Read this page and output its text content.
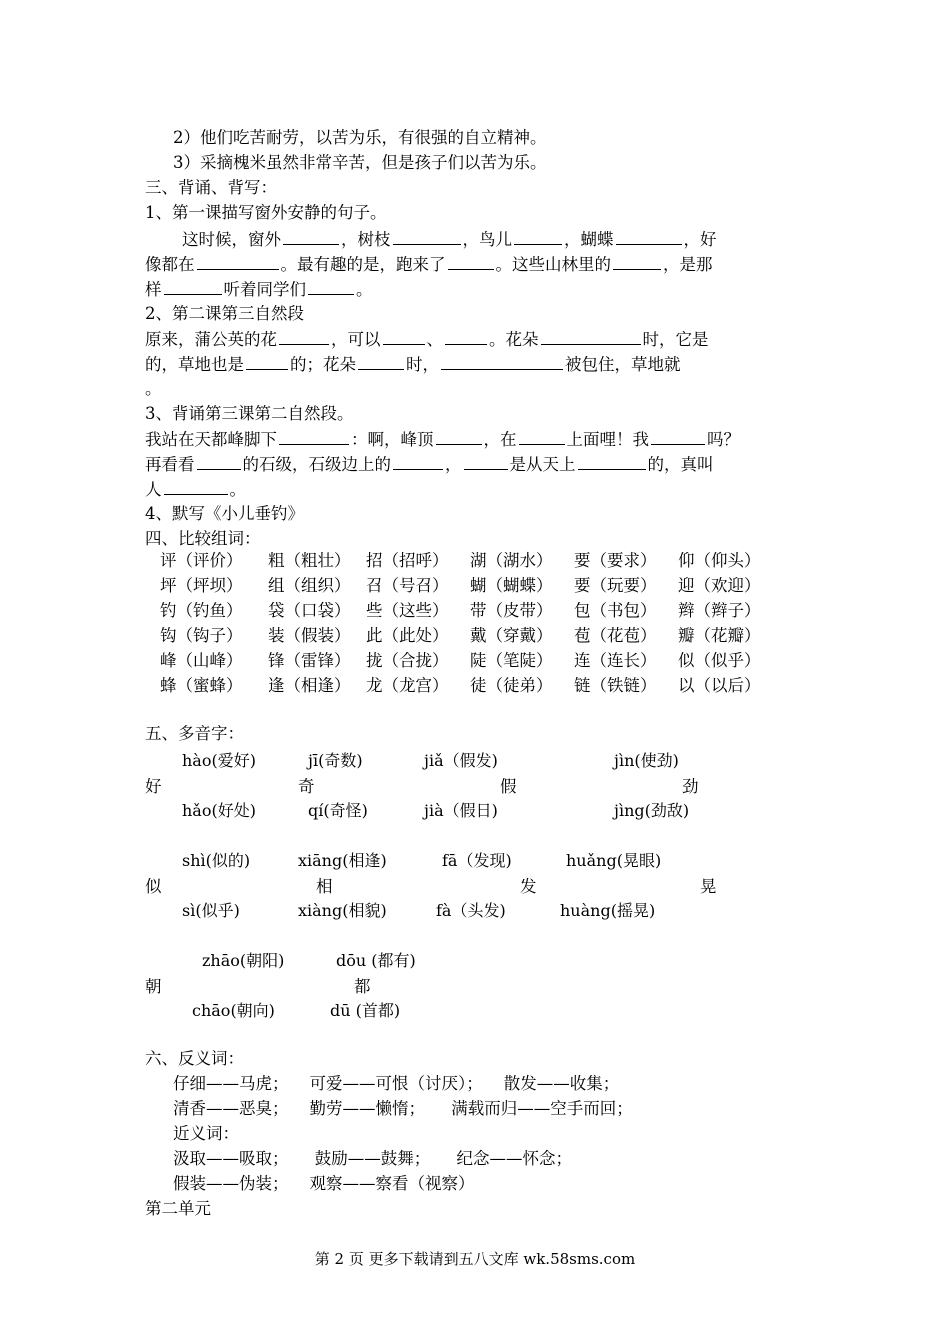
2）他们吃苦耐劳，以苦为乐，有很强的自立精神。
3）采摘槐米虽然非常辛苦，但是孩子们以苦为乐。
三、背诵、背写：
1、第一课描写窗外安静的句子。
这时候，窗外	，树枝	，鸟儿	，蝴蝶	，好
像都在	。最有趣的是，跑来了	。这些山林里的	，是那
样	听着同学们	。
2、第二课第三自然段
原来，蒲公英的花	，可以	、	。花朵	时，它是
的，草地也是	的；花朵	时，	被包住，草地就
。
3、背诵第三课第二自然段。
我站在天都峰脚下	：啊，峰顶	，在	上面哩！我	吗？
再看看	的石级，石级边上的	，	是从天上	的，真叫
人	。
4、默写《小儿垂钓》
四、比较组词：
评（评价）	粗（粗壮） 招（招呼）	湖（湖水）	要（要求）	仰（仰头）
坪（坪坝）	组（组织） 召（号召）	蝴（蝴蝶）	要（玩要）	迎（欢迎）
钓（钓鱼）	袋（口袋） 些（这些）	带（皮带）	包（书包）	辫（辫子）
钩（钩子）	装（假装） 此（此处）	戴（穿戴）	苞（花苞）	瓣（花瓣）
峰（山峰）	锋（雷锋） 拢（合拢）	陡（笔陡）	连（连长）	似（似乎）
蜂（蜜蜂）	逢（相逢） 龙（龙宫）	徒（徒弟）	链（铁链）	以（以后）
五、多音字：
hào(爱好)	jī(奇数)	jiǎ（假发)	jìn(使劲)
好	奇	假	劲
hǎo(好处)	qí(奇怪)	jià（假日)	jìng(劲敌)
shì(似的)	xiāng(相逢)	fā（发现)	huǎng(晃眼)
似	相	发	晃
sì(似乎)	xiàng(相貌)	fà（头发)	huàng(摇晃)
zhāo(朝阳)	dōu (都有)
朝	都
chāo(朝向)	dū (首都)
六、反义词：
仔细——马虎；    可爱——可恨（讨厌）；    散发——收集；
清香——恶臭；    勤劳——懒惰；     满载而归——空手而回；
近义词：
汲取——吸取；     鼓励——鼓舞；     纪念——怀念；
假装——伪装；    观察——察看（视察）
第二单元
第 2 页 更多下载请到五八文库 wk.58sms.com
